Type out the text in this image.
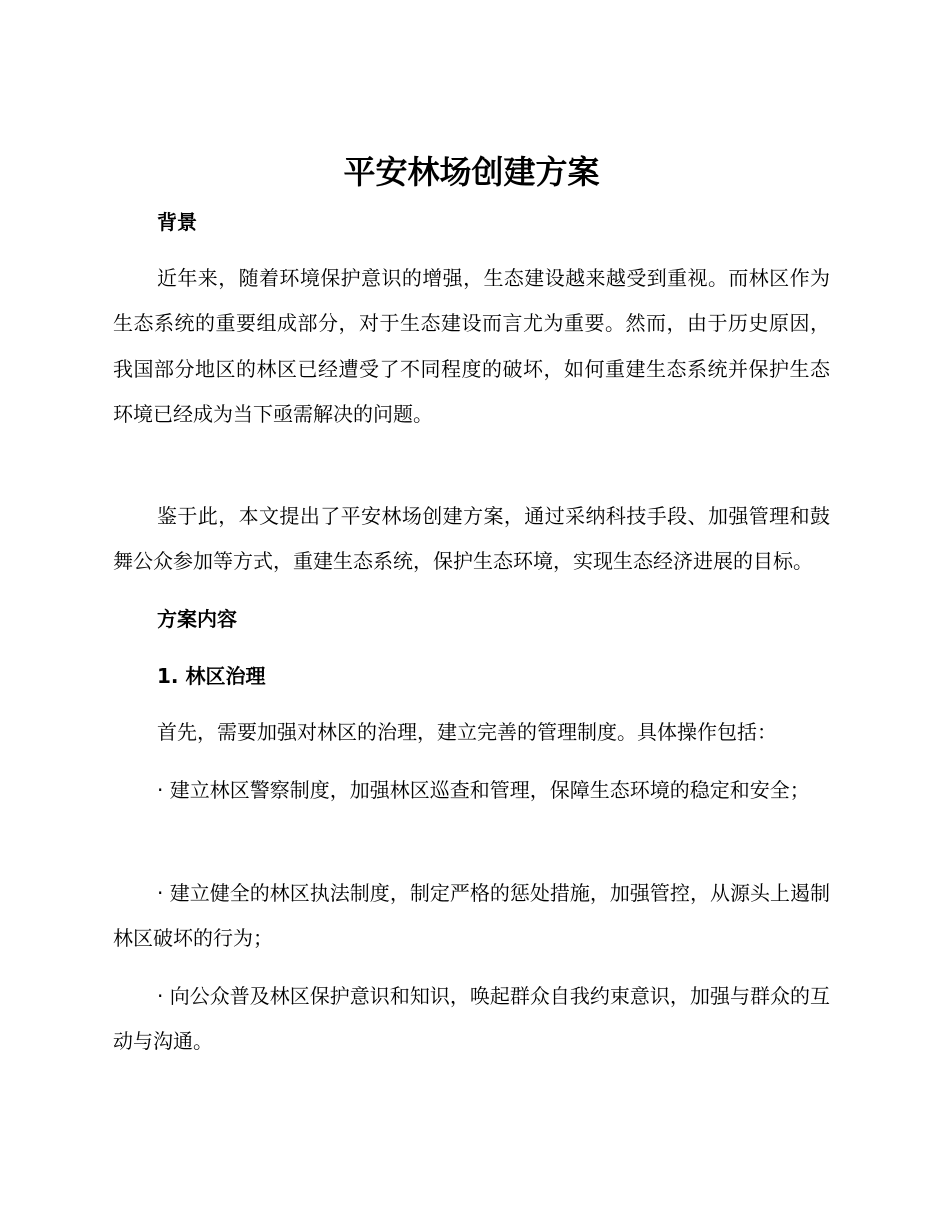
平安林场创建方案
背景

近年来，随着环境保护意识的增强，生态建设越来越受到重视。而林区作为生态系统的重要组成部分，对于生态建设而言尤为重要。然而，由于历史原因，我国部分地区的林区已经遭受了不同程度的破坏，如何重建生态系统并保护生态环境已经成为当下亟需解决的问题。

鉴于此，本文提出了平安林场创建方案，通过采纳科技手段、加强管理和鼓舞公众参加等方式，重建生态系统，保护生态环境，实现生态经济进展的目标。

方案内容
1. 林区治理

首先，需要加强对林区的治理，建立完善的管理制度。具体操作包括：

· 建立林区警察制度，加强林区巡查和管理，保障生态环境的稳定和安全；

· 建立健全的林区执法制度，制定严格的惩处措施，加强管控，从源头上遏制林区破坏的行为；

· 向公众普及林区保护意识和知识，唤起群众自我约束意识，加强与群众的互动与沟通。
